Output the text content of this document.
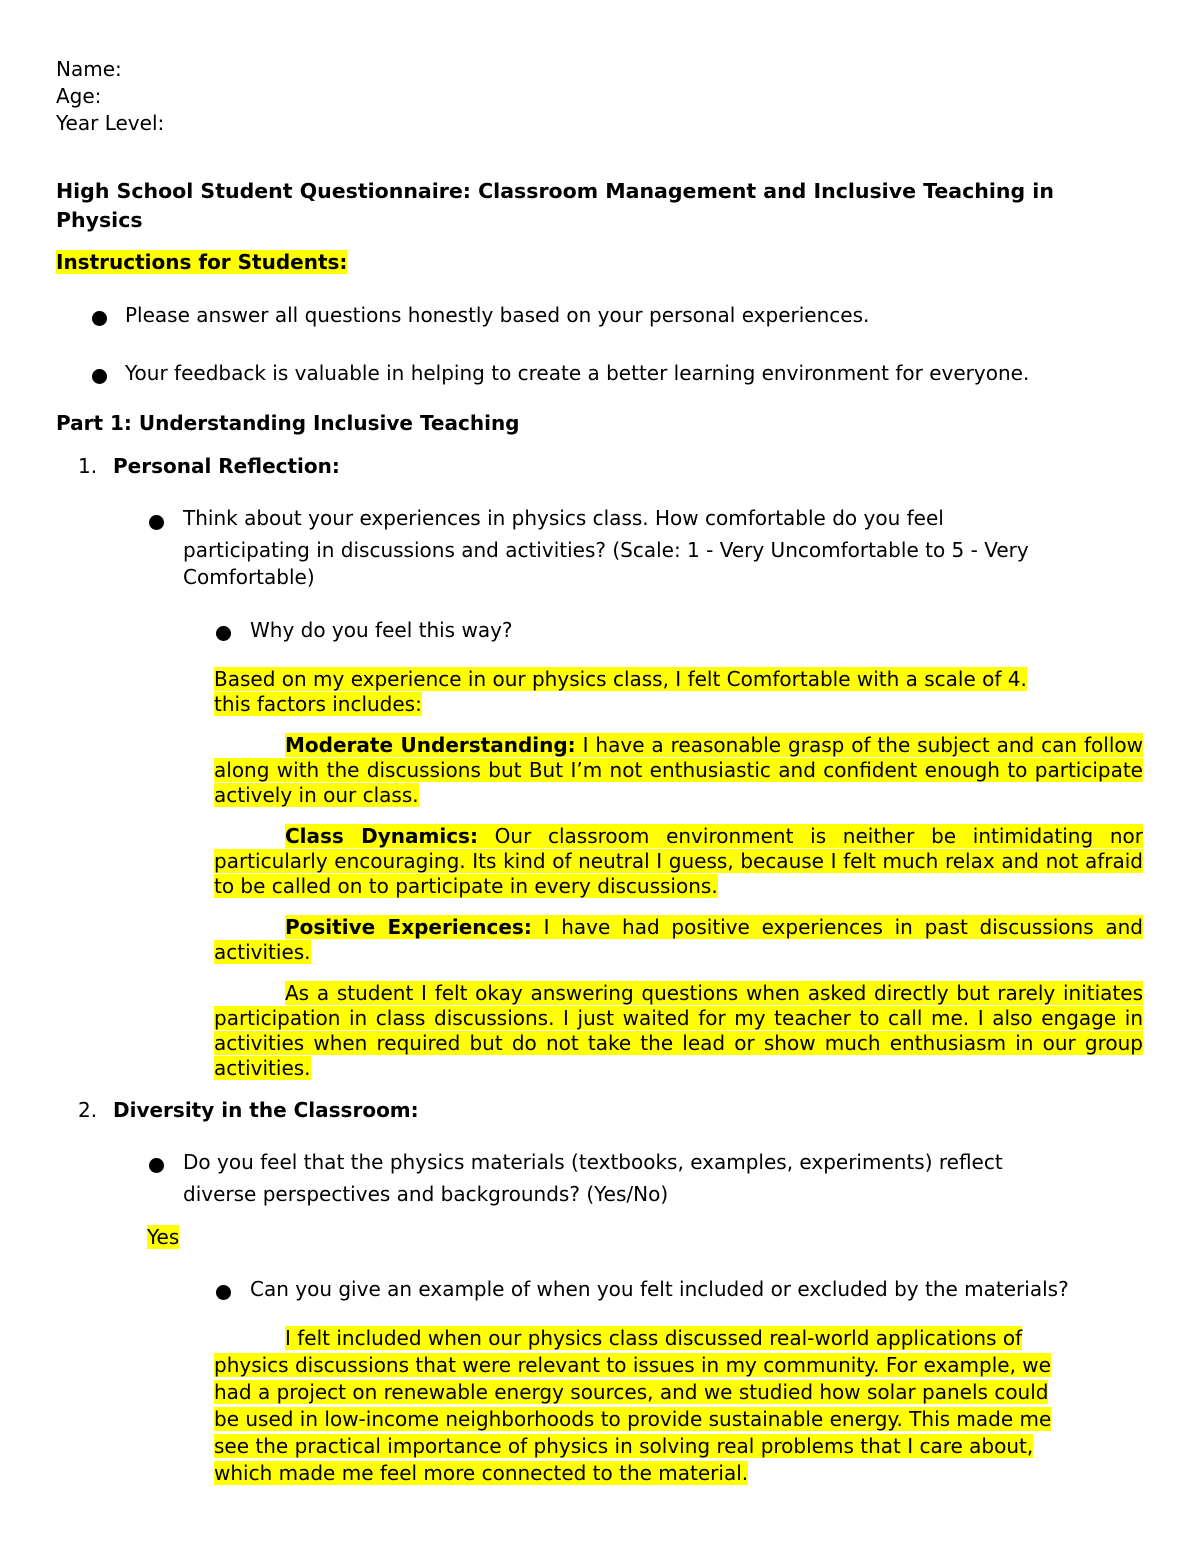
Name:
Age:
Year Level:
High School Student Questionnaire: Classroom Management and Inclusive Teaching in
Physics
Instructions for Students:
Please answer all questions honestly based on your personal experiences.
Your feedback is valuable in helping to create a better learning environment for everyone.
Part 1: Understanding Inclusive Teaching
1. Personal Reflection:
Think about your experiences in physics class. How comfortable do you feel
participating in discussions and activities? (Scale: 1 - Very Uncomfortable to 5 - Very
Comfortable)
Why do you feel this way?
Based on my experience in our physics class, I felt Comfortable with a scale of 4.
this factors includes:
Moderate Understanding: I have a reasonable grasp of the subject and can follow along with the discussions but But I’m not enthusiastic and confident enough to participate actively in our class.
Class Dynamics: Our classroom environment is neither be intimidating nor particularly encouraging. Its kind of neutral I guess, because I felt much relax and not afraid to be called on to participate in every discussions.
Positive Experiences: I have had positive experiences in past discussions and activities.
As a student I felt okay answering questions when asked directly but rarely initiates participation in class discussions. I just waited for my teacher to call me. I also engage in activities when required but do not take the lead or show much enthusiasm in our group activities.
2. Diversity in the Classroom:
Do you feel that the physics materials (textbooks, examples, experiments) reflect
diverse perspectives and backgrounds? (Yes/No)
Yes
Can you give an example of when you felt included or excluded by the materials?
I felt included when our physics class discussed real-world applications of
physics discussions that were relevant to issues in my community. For example, we
had a project on renewable energy sources, and we studied how solar panels could
be used in low-income neighborhoods to provide sustainable energy. This made me
see the practical importance of physics in solving real problems that I care about,
which made me feel more connected to the material.
